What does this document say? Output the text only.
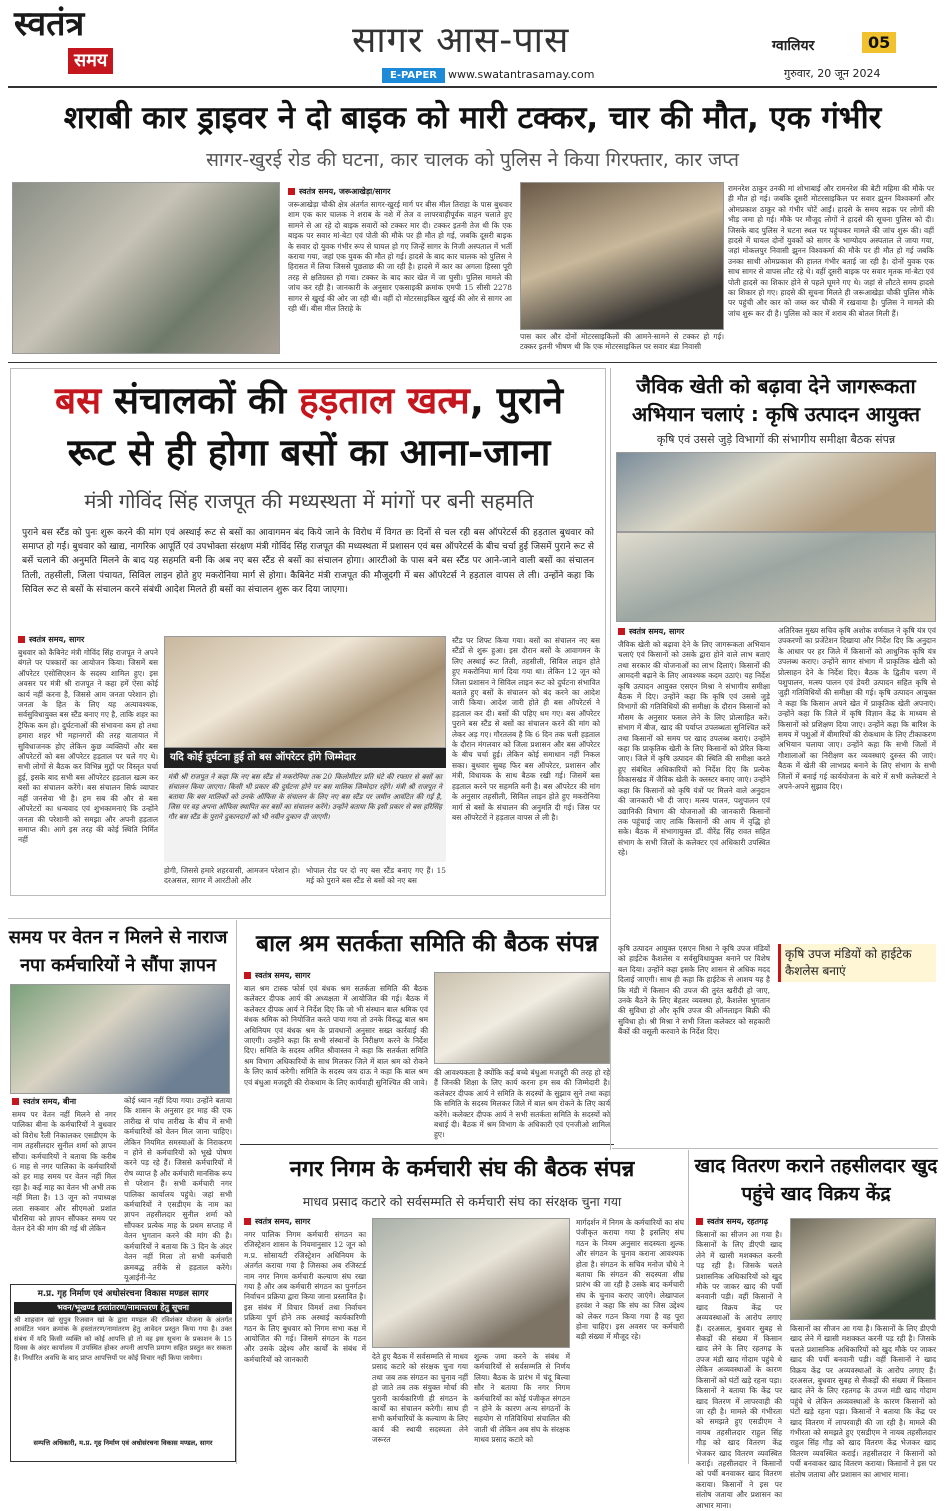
स्वतंत्र
समय	सागर आस-पास
E-PAPER	www.swatantrasamay.com
ग्वालियर	05
गुरुवार, 20 जून 2024
शराबी कार ड्राइवर ने दो बाइक को मारी टक्कर, चार की मौत, एक गंभीर
सागर-खुरई रोड की घटना, कार चालक को पुलिस ने किया गिरफ्तार, कार जप्त
स्वतंत्र समय, जरूआखेड़ा/सागर
जरूआखेड़ा चौकी क्षेत्र अंतर्गत सागर-खुरई मार्ग पर बीस मील तिराहा के पास बुधवार शाम एक कार चालक ने शराब के नशे में तेज व लापरवाहीपूर्वक वाहन चलाते हुए सामने से आ रहे दो बाइक सवारों को टक्कर मार दी। टक्कर इतनी तेज थी कि एक बाइक पर सवार मां-बेटा एवं पोती की मौके पर ही मौत हो गई, जबकि दूसरी बाइक के सवार दो युवक गंभीर रूप से घायल हो गए जिन्हें सागर के निजी अस्पताल में भर्ती कराया गया, जहां एक युवक की मौत हो गई। हादसे के बाद कार चालक को पुलिस ने हिरासत में लिया जिससे पूछताछ की जा रही है। हादसे में कार का अगला हिस्सा पूरी तरह से क्षतिग्रस्त हो गया। टक्कर के बाद कार खेत में जा घुसी। पुलिस मामले की जांच कर रही है। जानकारी के अनुसार एकसाइकी क्रमांक एमपी 15 सीसी 2278 सागर से खुरई की ओर जा रही थी। वहीं दो मोटरसाइकिल खुरई की ओर से सागर आ रही थीं। बीस मील तिराहे के
पास कार और दोनों मोटरसाइकिलों की आमने-सामने से टक्कर हो गई। टक्कर इतनी भीषण थी कि एक मोटरसाइकिल पर सवार बंडा निवासी
रामनरेश ठाकुर उनकी मां शोभाबाई और रामनरेश की बेटी महिमा की मौके पर ही मौत हो गई। जबकि दूसरी मोटरसाइकिल पर सवार झुनन विश्वकर्मा और ओमप्रकाश ठाकुर को गंभीर चोटें आईं। हादसे के समय सड़क पर लोगों की भीड़ जमा हो गई। मौके पर मौजूद लोगों ने हादसे की सूचना पुलिस को दी। जिसके बाद पुलिस ने घटना स्थल पर पहुंचकर मामले की जांच शुरू की। वहीं हादसे में घायल दोनों युवकों को सागर के भाग्योदय अस्पताल ले जाया गया, जहां मोकलपुर निवासी झुनन विश्वकर्मा की मौके पर ही मौत हो गई जबकि उनका साथी ओमप्रकाश की हालत गंभीर बताई जा रही है। दोनों युवक एक साथ सागर से वापस लौट रहे थे। वहीं दूसरी बाइक पर सवार मृतक मां-बेटा एवं पोती हादसे का शिकार होने से पहले घूमने गए थे। जहां से लौटते समय हादसे का शिकार हो गए। हादसे की सूचना मिलते ही जरूआखेड़ा चौकी पुलिस मौके पर पहुंची और कार को जब्त कर चौकी में रखवाया है। पुलिस ने मामले की जांच शुरू कर दी है। पुलिस को कार में शराब की बोतल मिली हैं।
बस संचालकों की हड़ताल खत्म, पुराने
रूट से ही होगा बसों का आना-जाना
मंत्री गोविंद सिंह राजपूत की मध्यस्थता में मांगों पर बनी सहमति
पुराने बस स्टैंड को पुनः शुरू करने की मांग एवं अस्थाई रूट से बसों का आवागमन बंद किये जाने के विरोध में विगत छः दिनों से चल रही बस ऑपरेटर्स की हड़ताल बुधवार को समाप्त हो गई। बुधवार को खाद्य, नागरिक आपूर्ति एवं उपभोक्ता संरक्षण मंत्री गोविंद सिंह राजपूत की मध्यस्थता में प्रशासन एवं बस ऑपरेटर्स के बीच चर्चा हुई जिसमें पुराने रूट से बसें चलाने की अनुमति मिलने के बाद यह सहमति बनी कि अब नए बस स्टैंड से बसों का संचालन होगा। आरटीओ के पास बने बस स्टैंड पर आने-जाने वाली बसों का संचालन तिली, तहसीली, जिला पंचायत, सिविल लाइन होते हुए मकरोनिया मार्ग से होगा। कैबिनेट मंत्री राजपूत की मौजूदगी में बस ऑपरेटर्स ने हड़ताल वापस ले ली। उन्होंने कहा कि सिविल रूट से बसों के संचालन करने संबंधी आदेश मिलते ही बसों का संचालन शुरू कर दिया जाएगा।
स्वतंत्र समय, सागर
बुधवार को कैबिनेट मंत्री गोविंद सिंह राजपूत ने अपने बंगले पर पत्रकारों का आयोजन किया। जिसमें बस ऑपरेटर एसोसिएशन के सदस्य शामिल हुए। इस अवसर पर मंत्री श्री राजपूत ने कहा हमें ऐसा कोई कार्य नहीं करना है, जिससे आम जनता परेशान हो। जनता के हित के लिए यह अत्यावश्यक, सर्वसुविधायुक्त बस स्टैंड बनाए गए है, ताकि शहर का ट्रैफिक कम हो। दुर्घटनाओं की संभावना कम हो तथा हमारा शहर भी महानगरों की तरह यातायात में सुविधाजनक होए लेकिन कुछ व्यक्तियों और बस ऑपरेटरों को बस ऑपरेटर हड़ताल पर चले गए थे। सभी लोगों से बैठक कर विभिन्न मुद्दों पर विस्तृत चर्चा हुई, इसके बाद सभी बस ऑपरेटर हड़ताल खत्म कर बसों का संचालन करेंगे। बस संचालन सिर्फ व्यापार नहीं जनसेवा भी है। हम सब की और से बस ऑपरेटरों का धन्यवाद एवं शुभकामनाएं कि उन्होंने जनता की परेशानी को समझा और अपनी हड़ताल समाप्त की। आगे इस तरह की कोई स्थिति निर्मित नहीं
यदि कोई दुर्घटना हुई तो बस ऑपरेटर होंगे जिम्मेदार
मंत्री श्री राजपूत ने कहा कि नए बस स्टैंड से मकरोनिया तक 20 किलोमीटर प्रति घंटे की रफ्तार से बसों का संचालन किया जाएगा। किसी भी प्रकार की दुर्घटना होने पर बस मालिक जिम्मेदार रहेंगे। मंत्री श्री राजपूत ने बताया कि बस मालिकों को उनके ऑफिस के संचालन के लिए नए बस स्टैंड पर जमीन आवंटित की गई है, जिस पर वह अपना ऑफिस स्थापित कर बसों का संचालन करेंगे। उन्होंने बताया कि इसी प्रकार से बस हरिसिंह गौर बस स्टैंड के पुराने दुकानदारों को भी नवीन दुकान दी जाएगी।
होगी, जिससे हमारे शहरवासी, आमजन परेशान हो। दरअसल, सागर में आरटीओ और
भोपाल रोड पर दो नए बस स्टैंड बनाए गए हैं। 15 मई को पुराने बस स्टैंड से बसों को नए बस
स्टैंड पर शिफ्ट किया गया। बसों का संचालन नए बस स्टैंडों से शुरू हुआ। इस दौरान बसों के आवागमन के लिए अस्थाई रूट तिली, तहसीली, सिविल लाइन होते हुए मकरोनिया मार्ग दिया गया था। लेकिन 12 जून को जिला प्रशासन ने सिविल लाइन रूट को दुर्घटना संभावित बताते हुए बसों के संचालन को बंद करने का आदेश जारी किया। आदेश जारी होते ही बस ऑपरेटर्स ने हड़ताल कर दी। बसों की पहिए थम गए। बस ऑपरेटर पुराने बस स्टैंड से बसों का संचालन करने की मांग को लेकर अड़ गए। गौरतलब है कि 6 दिन तक चली हड़ताल के दौरान मंगलवार को जिला प्रशासन और बस ऑपरेटर के बीच चर्चा हुई। लेकिन कोई समाधान नहीं निकल सका। बुधवार सुबह फिर बस ऑपरेटर, प्रशासन और मंत्री, विधायक के साथ बैठक रखी गई। जिसमें बस हड़ताल करने पर सहमति बनी है। बस ऑपरेटर की मांग के अनुसार तहसीली, सिविल लाइन होते हुए मकरोनिया मार्ग से बसों के संचालन की अनुमति दी गई। जिस पर बस ऑपरेटरों ने हड़ताल वापस ले ली है।
जैविक खेती को बढ़ावा देने जागरूकता अभियान चलाएं : कृषि उत्पादन आयुक्त
कृषि एवं उससे जुड़े विभागों की संभागीय समीक्षा बैठक संपन्न
स्वतंत्र समय, सागर
जैविक खेती को बढ़ावा देने के लिए जागरूकता अभियान चलाएं एवं किसानों को उसके द्वारा होने वाले लाभ बताएं तथा सरकार की योजनाओं का लाभ दिलाएं। किसानों की आमदनी बढ़ाने के लिए आवश्यक कदम उठाएं। यह निर्देश कृषि उत्पादन आयुक्त एसएन मिश्रा ने संभागीय समीक्षा बैठक में दिए। उन्होंने कहा कि कृषि एवं उससे जुड़े विभागों की गतिविधियों की समीक्षा के दौरान किसानों को मौसम के अनुसार फसल लेने के लिए प्रोत्साहित करें। संभाग में बीज, खाद की पर्याप्त उपलब्धता सुनिश्चित करें तथा किसानों को समय पर खाद उपलब्ध कराएं। उन्होंने कहा कि प्राकृतिक खेती के लिए किसानों को प्रेरित किया जाए। जिले में कृषि उत्पादन की स्थिति की समीक्षा करते हुए संबंधित अधिकारियों को निर्देश दिए कि प्रत्येक विकासखंड में जैविक खेती के क्लस्टर बनाए जाएं। उन्होंने कहा कि किसानों को कृषि यंत्रों पर मिलने वाले अनुदान की जानकारी भी दी जाए। मत्स्य पालन, पशुपालन एवं उद्यानिकी विभाग की योजनाओं की जानकारी किसानों तक पहुंचाई जाए ताकि किसानों की आय में वृद्धि हो सके। बैठक में संभागायुक्त डॉ. वीरेंद्र सिंह रावत सहित संभाग के सभी जिलों के कलेक्टर एवं अधिकारी उपस्थित रहे।
अतिरिक्त मुख्य सचिव कृषि अशोक वर्णवाल ने कृषि यंत्र एवं उपकरणों का प्रजेंटेशन दिखाया और निर्देश दिए कि अनुदान के आधार पर हर जिले में किसानों को आधुनिक कृषि यंत्र उपलब्ध कराए। उन्होंने सागर संभाग में प्राकृतिक खेती को प्रोत्साहन देने के निर्देश दिए। बैठक के द्वितीय चरण में पशुपालन, मत्स्य पालन एवं डेयरी उत्पादन सहित कृषि से जुड़ी गतिविधियों की समीक्षा की गई। कृषि उत्पादन आयुक्त ने कहा कि किसान अपने खेत में प्राकृतिक खेती अपनाएं। उन्होंने कहा कि जिले में कृषि विज्ञान केंद्र के माध्यम से किसानों को प्रशिक्षण दिया जाए। उन्होंने कहा कि बारिश के समय में पशुओं में बीमारियों की रोकथाम के लिए टीकाकरण अभियान चलाया जाए। उन्होंने कहा कि सभी जिलों में गौशालाओं का निरीक्षण कर व्यवस्थाएं दुरुस्त की जाएं। बैठक में खेती की लाभप्रद बनाने के लिए संभाग के सभी जिलों में बनाई गई कार्ययोजना के बारे में सभी कलेक्टरों ने अपने-अपने सुझाव दिए।
कृषि उपज मंडियों को हाईटेक कैशलेस बनाएं
कृषि उत्पादन आयुक्त एसएन मिश्रा ने कृषि उपज मंडियों को हाईटेक कैशलेस व सर्वसुविधायुक्त बनाने पर विशेष बल दिया। उन्होंने कहा इसके लिए शासन से अधिक मदद दिलाई जाएगी। साथ ही कहा कि हाईटेक से आशय यह है कि मंडी में किसान की उपज की तुरंत खरीदी हो जाए, उनके बैठने के लिए बेहतर व्यवस्था हो, कैशलेस भुगतान की सुविधा हो और कृषि उपज की ऑनलाइन बिक्री की सुविधा हो। श्री मिश्रा ने सभी जिला कलेक्टर को सहकारी बैंकों की वसूली करवाने के निर्देश दिए।
समय पर वेतन न मिलने से नाराज नपा कर्मचारियों ने सौंपा ज्ञापन
स्वतंत्र समय, बीना
समय पर वेतन नहीं मिलने से नगर पालिका बीना के कर्मचारियों ने बुधवार को विरोध रैली निकालकर एसडीएम के नाम तहसीलदार सुनील शर्मा को ज्ञापन सौंपा। कर्मचारियों ने बताया कि करीब 6 माह से नगर पालिका के कर्मचारियों को हर माह समय पर वेतन नहीं मिल रहा है। कई माह का वेतन भी अभी तक नहीं मिला है। 13 जून को नपाध्यक्ष लता सकवार और सीएमओ प्रशांत चौरसिया को ज्ञापन सौंपकर समय पर वेतन देने की मांग की गई थी लेकिन
कोई ध्यान नहीं दिया गया। उन्होंने बताया कि शासन के अनुसार हर माह की एक तारीख से पांच तारीख के बीच में सभी कर्मचारियों को वेतन मिल जाना चाहिए। लेकिन नियमित समस्याओं के निराकरण न होने से कर्मचारियों को भूखे पोषण करने पड़ रहे हैं। जिससे कर्मचारियों में रोष व्याप्त है और कर्मचारी मानसिक रूप से परेशान हैं। सभी कर्मचारी नगर पालिका कार्यालय पहुंचे। जहां सभी कर्मचारियों ने एसडीएम के नाम का ज्ञापन तहसीलदार सुनील शर्मा को सौंपकर प्रत्येक माह के प्रथम सप्ताह में वेतन भुगतान करने की मांग की है। कर्मचारियों ने बताया कि 3 दिन के अंदर वेतन नहीं मिला तो सभी कर्मचारी क्रमबद्ध तरीके से हड़ताल करेंगे। यूआईनी-नेट
म.प्र. गृह निर्माण एवं अधोसंरचना विकास मण्डल सागर
भवन/भूखण्ड हस्तांतरण/नामान्तरण हेतु सूचना
श्री शाहवान खां सुपुत्र रिजवान खां के द्वारा मण्डल की रविशंकर योजना के अंतर्गत आवंटित भवन क्रमांक के हस्तांतरण/नामांतरण हेतु आवेदन प्रस्तुत किया गया है। उक्त संबंध में यदि किसी व्यक्ति को कोई आपत्ति हो तो वह इस सूचना के प्रकाशन के 15 दिवस के अंदर कार्यालय में उपस्थित होकर अपनी आपत्ति प्रमाण सहित प्रस्तुत कर सकता है। निर्धारित अवधि के बाद प्राप्त आपत्तियों पर कोई विचार नहीं किया जायेगा।
सम्पत्ति अधिकारी, म.प्र. गृह निर्माण एवं अधोसंरचना विकास मण्डल, सागर
बाल श्रम सतर्कता समिति की बैठक संपन्न
स्वतंत्र समय, सागर
बाल श्रम टास्क फोर्स एवं बंधक श्रम सतर्कता समिति की बैठक कलेक्टर दीपक आर्य की अध्यक्षता में आयोजित की गई। बैठक में कलेक्टर दीपक आर्य ने निर्देश दिए कि जो भी संस्थान बाल श्रमिक एवं बंधक श्रमिक को नियोजित करते पाया गया तो उनके विरुद्ध बाल श्रम अधिनियम एवं बंधक श्रम के प्रावधानों अनुसार सख्त कार्रवाई की जाएगी। उन्होंने कहा कि सभी संस्थानों के निरीक्षण करने के निर्देश दिए। समिति के सदस्य अमित श्रीवास्तव ने कहा कि सतर्कता समिति श्रम विभाग अधिकारियों के साथ मिलकर जिले में बाल श्रम को रोकने के लिए कार्य करेगी। समिति के सदस्य जय दाऊ ने कहा कि बाल श्रम एवं बंधुआ मजदूरी की रोकथाम के लिए कार्यवाही सुनिश्चित की जावे।
की आवश्यकता है क्योंकि कई बच्चे बंधुआ मजदूरी की तरह हो रहे हैं जिनकी शिक्षा के लिए कार्य करना हम सब की जिम्मेदारी है। कलेक्टर दीपक आर्य ने समिति के सदस्यों के सुझाव सुने तथा कहा कि समिति के सदस्य मिलकर जिले में बाल श्रम रोकने के लिए कार्य करेंगे। कलेक्टर दीपक आर्य ने सभी सतर्कता समिति के सदस्यों को बधाई दी। बैठक में श्रम विभाग के अधिकारी एवं एनजीओ शामिल हुए।
नगर निगम के कर्मचारी संघ की बैठक संपन्न
माधव प्रसाद कटारे को सर्वसम्मति से कर्मचारी संघ का संरक्षक चुना गया
स्वतंत्र समय, सागर
नगर पालिक निगम कर्मचारी संगठन का रजिस्ट्रेशन शासन के नियमानुसार 12 जून को म.प्र. सोसायटी रजिस्ट्रेशन अधिनियम के अंतर्गत कराया गया है जिसका अब रजिस्टर्ड नाम नगर निगम कर्मचारी कल्याण संघ रखा गया है और अब कर्मचारी संगठन का पुनर्गठन निर्वाचन प्रक्रिया द्वारा किया जाना प्रस्तावित है। इस संबंध में विचार विमर्श तथा निर्वाचन प्रक्रिया पूर्ण होने तक अस्थाई कार्यकारिणी गठन के लिए बुधवार को निगम सभा कक्ष में आयोजित की गई। जिसमें संगठन के गठन और उसके उद्देश्य और कार्यों के संबंध में कर्मचारियों को जानकारी	देते हुए बैठक में सर्वसम्मति से माधव प्रसाद कटारे को संरक्षक चुना गया तथा जब तक संगठन का चुनाव नहीं हो जाते तब तक संयुक्त मोर्चा की पुरानी कार्यकारिणी ही संगठन के कार्यों का संचालन करेगी। साथ ही सभी कर्मचारियों के कल्याण के लिए कार्य की स्थायी सदस्यता लेने जरूरत
शुल्क जमा करने के संबंध में कर्मचारियों से सर्वसम्मति से निर्णय लिया। बैठक के प्रारंभ में चंदू बिल्वा सौर ने बताया कि नगर निगम कर्मचारियों का कोई पंजीकृत संगठन न होने के कारण अन्य संगठनों के सहयोग से गतिविधियां संचालित की जाती थी लेकिन अब संघ के संरक्षक माधव प्रसाद कटारे को
मार्गदर्शन में निगम के कर्मचारियों का संघ पंजीकृत कराया गया है इसलिए संघ गठन के नियम अनुसार सदस्यता शुल्क और संगठन के चुनाव कराना आवश्यक होता है। संगठन के सचिव मनोज चौधे ने बताया कि संगठन की सदस्यता शीघ्र प्रारंभ की जा रही है उसके बाद कर्मचारी संघ के चुनाव कराए जाएंगे। लेखापाल हरवंश ने कहा कि संघ का जिस उद्देश्य को लेकर गठन किया गया है वह पूरा होना चाहिए। इस अवसर पर कर्मचारी बड़ी संख्या में मौजूद रहे।
खाद वितरण कराने तहसीलदार खुद पहुंचे खाद विक्रय केंद्र
स्वतंत्र समय, रहतगढ़
किसानों का सीजन आ गया है। किसानों के लिए डीएपी खाद लेने में खासी मशक्कत करनी पड़ रही है। जिसके चलते प्रशासनिक अधिकारियों को खुद मौके पर जाकर खाद की पर्ची बनवानी पड़ी। वहीं किसानों ने खाद विक्रय केंद्र पर अव्यवस्थाओं के आरोप लगाए हैं। दरअसल, बुधवार सुबह से सैकड़ों की संख्या में किसान खाद लेने के लिए रहतगढ़ के उपज मंडी खाद गोदाम पहुंचे थे लेकिन अव्यवस्थाओं के कारण किसानों को घंटों खड़े रहना पड़ा। किसानों ने बताया कि केंद्र पर खाद वितरण में लापरवाही की जा रही है। मामले की गंभीरता को समझते हुए एसडीएम ने नायब तहसीलदार राहुल सिंह गौड़ को खाद वितरण केंद्र भेजकर खाद वितरण व्यवस्थित कराई। तहसीलदार ने किसानों को पर्ची बनवाकर खाद वितरण कराया। किसानों ने इस पर संतोष जताया और प्रशासन का आभार माना।
किसानों का सीजन आ गया है। किसानों के लिए डीएपी खाद लेने में खासी मशक्कत करनी पड़ रही है। जिसके चलते प्रशासनिक अधिकारियों को खुद मौके पर जाकर खाद की पर्ची बनवानी पड़ी। वहीं किसानों ने खाद विक्रय केंद्र पर अव्यवस्थाओं के आरोप लगाए हैं। दरअसल, बुधवार सुबह से सैकड़ों की संख्या में किसान खाद लेने के लिए रहतगढ़ के उपज मंडी खाद गोदाम पहुंचे थे लेकिन अव्यवस्थाओं के कारण किसानों को घंटों खड़े रहना पड़ा। किसानों ने बताया कि केंद्र पर खाद वितरण में लापरवाही की जा रही है। मामले की गंभीरता को समझते हुए एसडीएम ने नायब तहसीलदार राहुल सिंह गौड़ को खाद वितरण केंद्र भेजकर खाद वितरण व्यवस्थित कराई। तहसीलदार ने किसानों को पर्ची बनवाकर खाद वितरण कराया। किसानों ने इस पर संतोष जताया और प्रशासन का आभार माना।
